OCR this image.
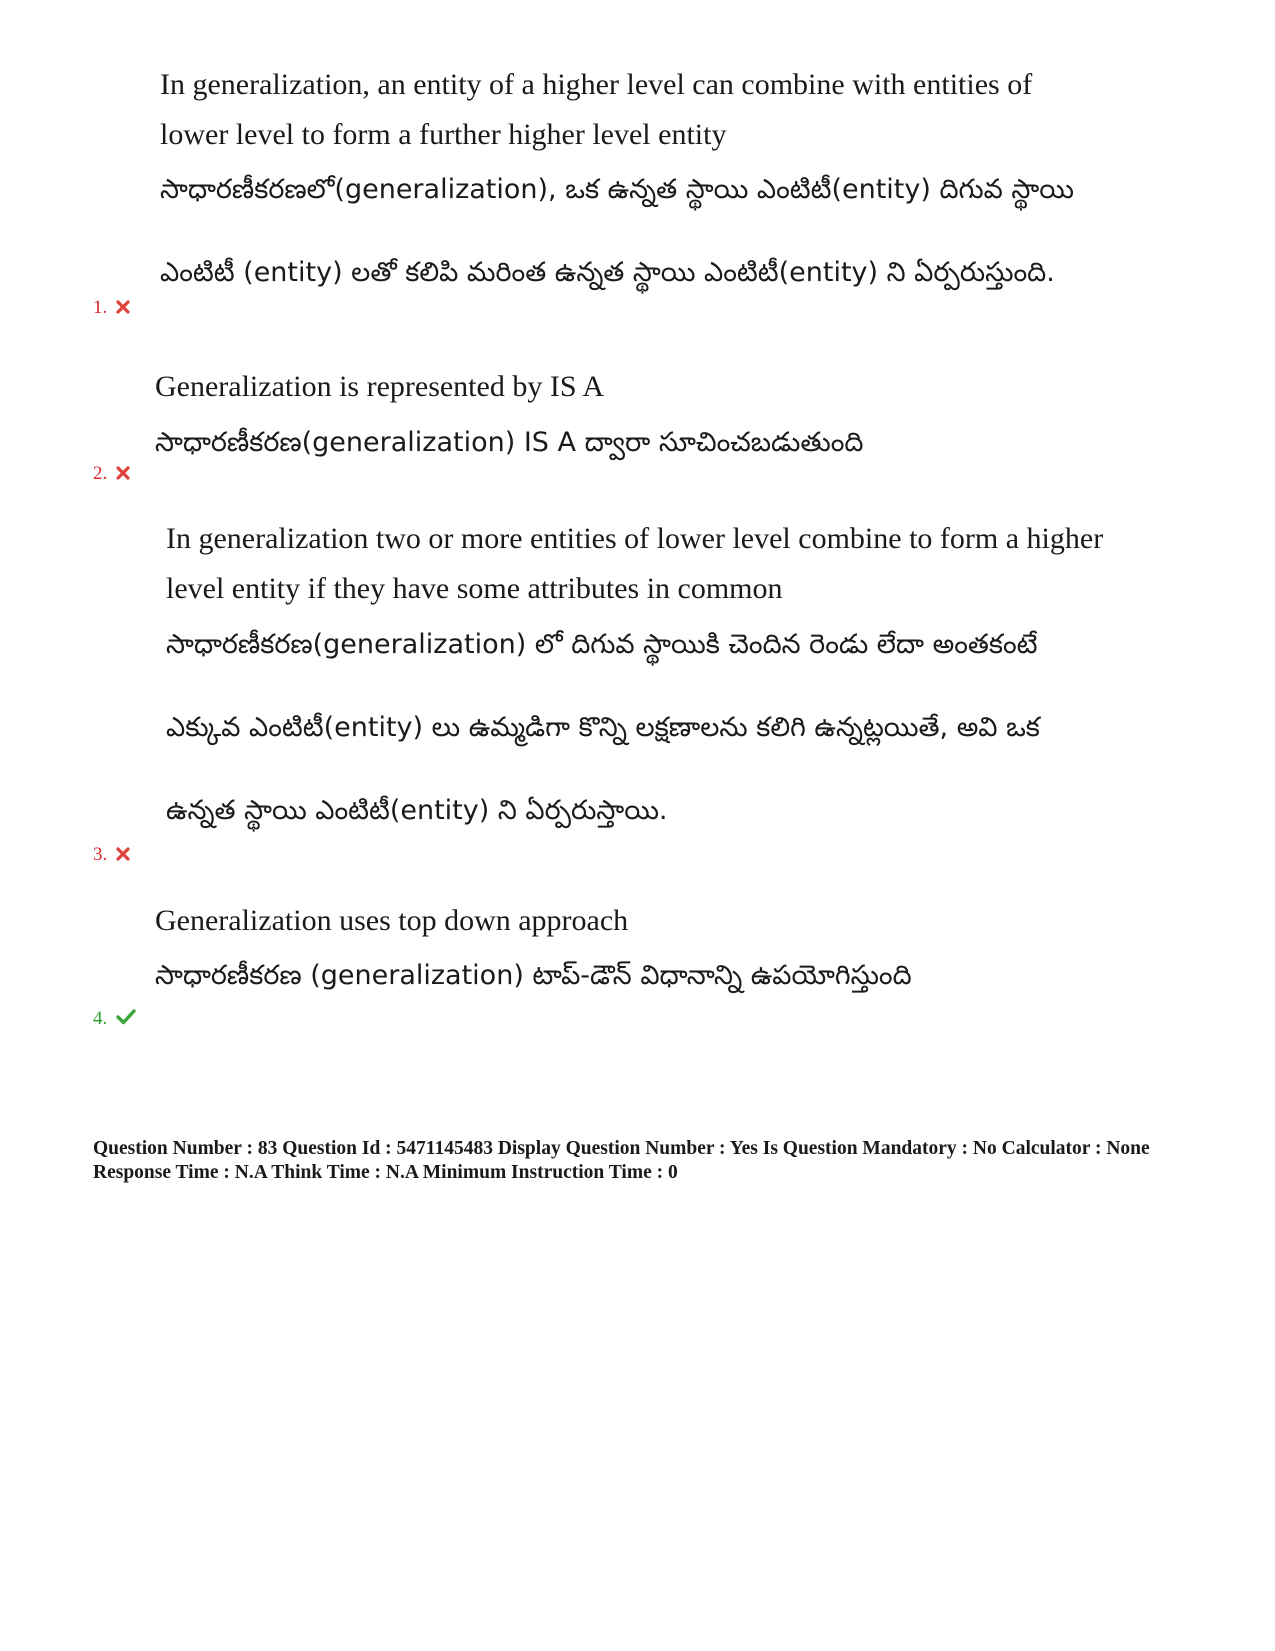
In generalization, an entity of a higher level can combine with entities of
lower level to form a further higher level entity
సాధారణీకరణలో(generalization), ఒక ఉన్నత స్థాయి ఎంటిటీ(entity) దిగువ స్థాయి
ఎంటిటీ (entity) లతో కలిపి మరింత ఉన్నత స్థాయి ఎంటిటీ(entity) ని ఏర్పరుస్తుంది.
1.
Generalization is represented by IS A
సాధారణీకరణ(generalization) IS A ద్వారా సూచించబడుతుంది
2.
In generalization two or more entities of lower level combine to form a higher
level entity if they have some attributes in common
సాధారణీకరణ(generalization) లో దిగువ స్థాయికి చెందిన రెండు లేదా అంతకంటే
ఎక్కువ ఎంటిటీ(entity) లు ఉమ్మడిగా కొన్ని లక్షణాలను కలిగి ఉన్నట్లయితే, అవి ఒక
ఉన్నత స్థాయి ఎంటిటీ(entity) ని ఏర్పరుస్తాయి.
3.
Generalization uses top down approach
సాధారణీకరణ (generalization) టాప్-డౌన్ విధానాన్ని ఉపయోగిస్తుంది
4.
Question Number : 83 Question Id : 5471145483 Display Question Number : Yes Is Question Mandatory : No Calculator : None Response Time : N.A Think Time : N.A Minimum Instruction Time : 0
